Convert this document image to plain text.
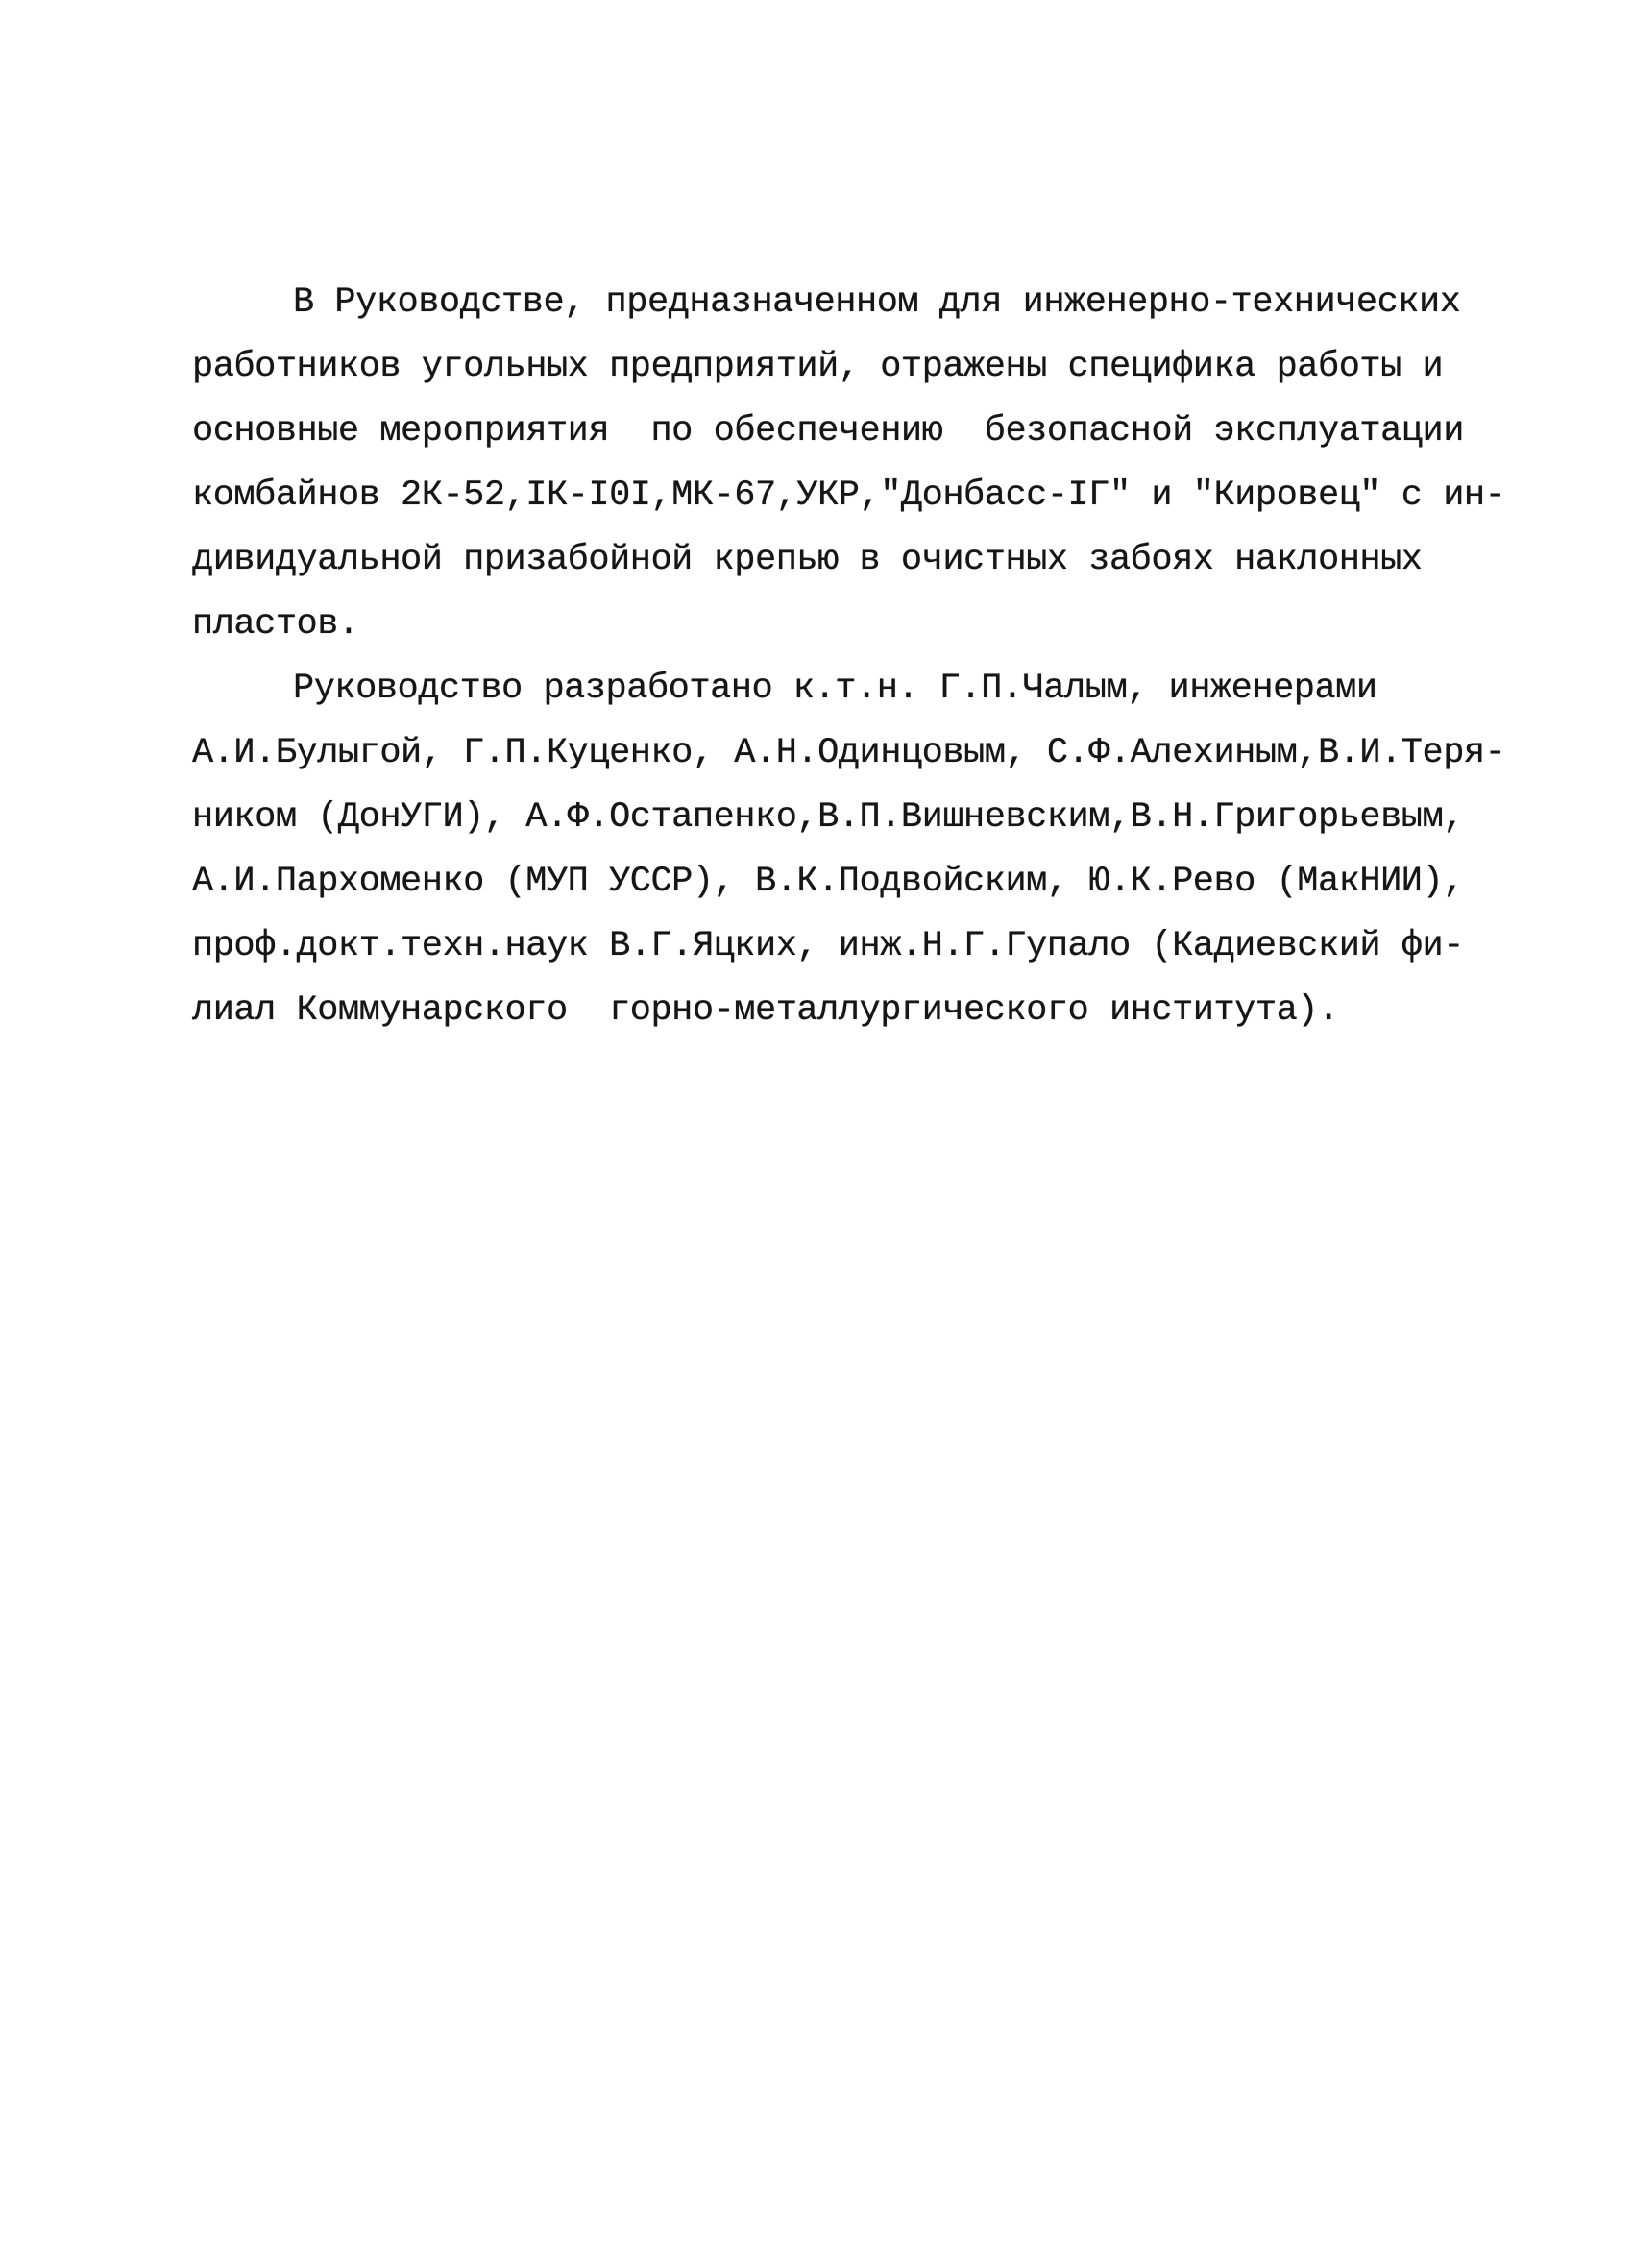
В Руководстве, предназначенном для инженерно-технических
работников угольных предприятий, отражены специфика работы и
основные мероприятия  по обеспечению  безопасной эксплуатации
комбайнов 2К-52,IК-I0I,МК-67,УКР,"Донбасс-IГ" и "Кировец" с ин-
дивидуальной призабойной крепью в очистных забоях наклонных
пластов.
Руководство разработано к.т.н. Г.П.Чалым, инженерами
А.И.Булыгой, Г.П.Куценко, А.Н.Одинцовым, С.Ф.Алехиным,В.И.Теря-
ником (ДонУГИ), А.Ф.Остапенко,В.П.Вишневским,В.Н.Григорьевым,
А.И.Пархоменко (МУП УССР), В.К.Подвойским, Ю.К.Рево (МакНИИ),
проф.докт.техн.наук В.Г.Яцких, инж.Н.Г.Гупало (Кадиевский фи-
лиал Коммунарского  горно-металлургического института).
